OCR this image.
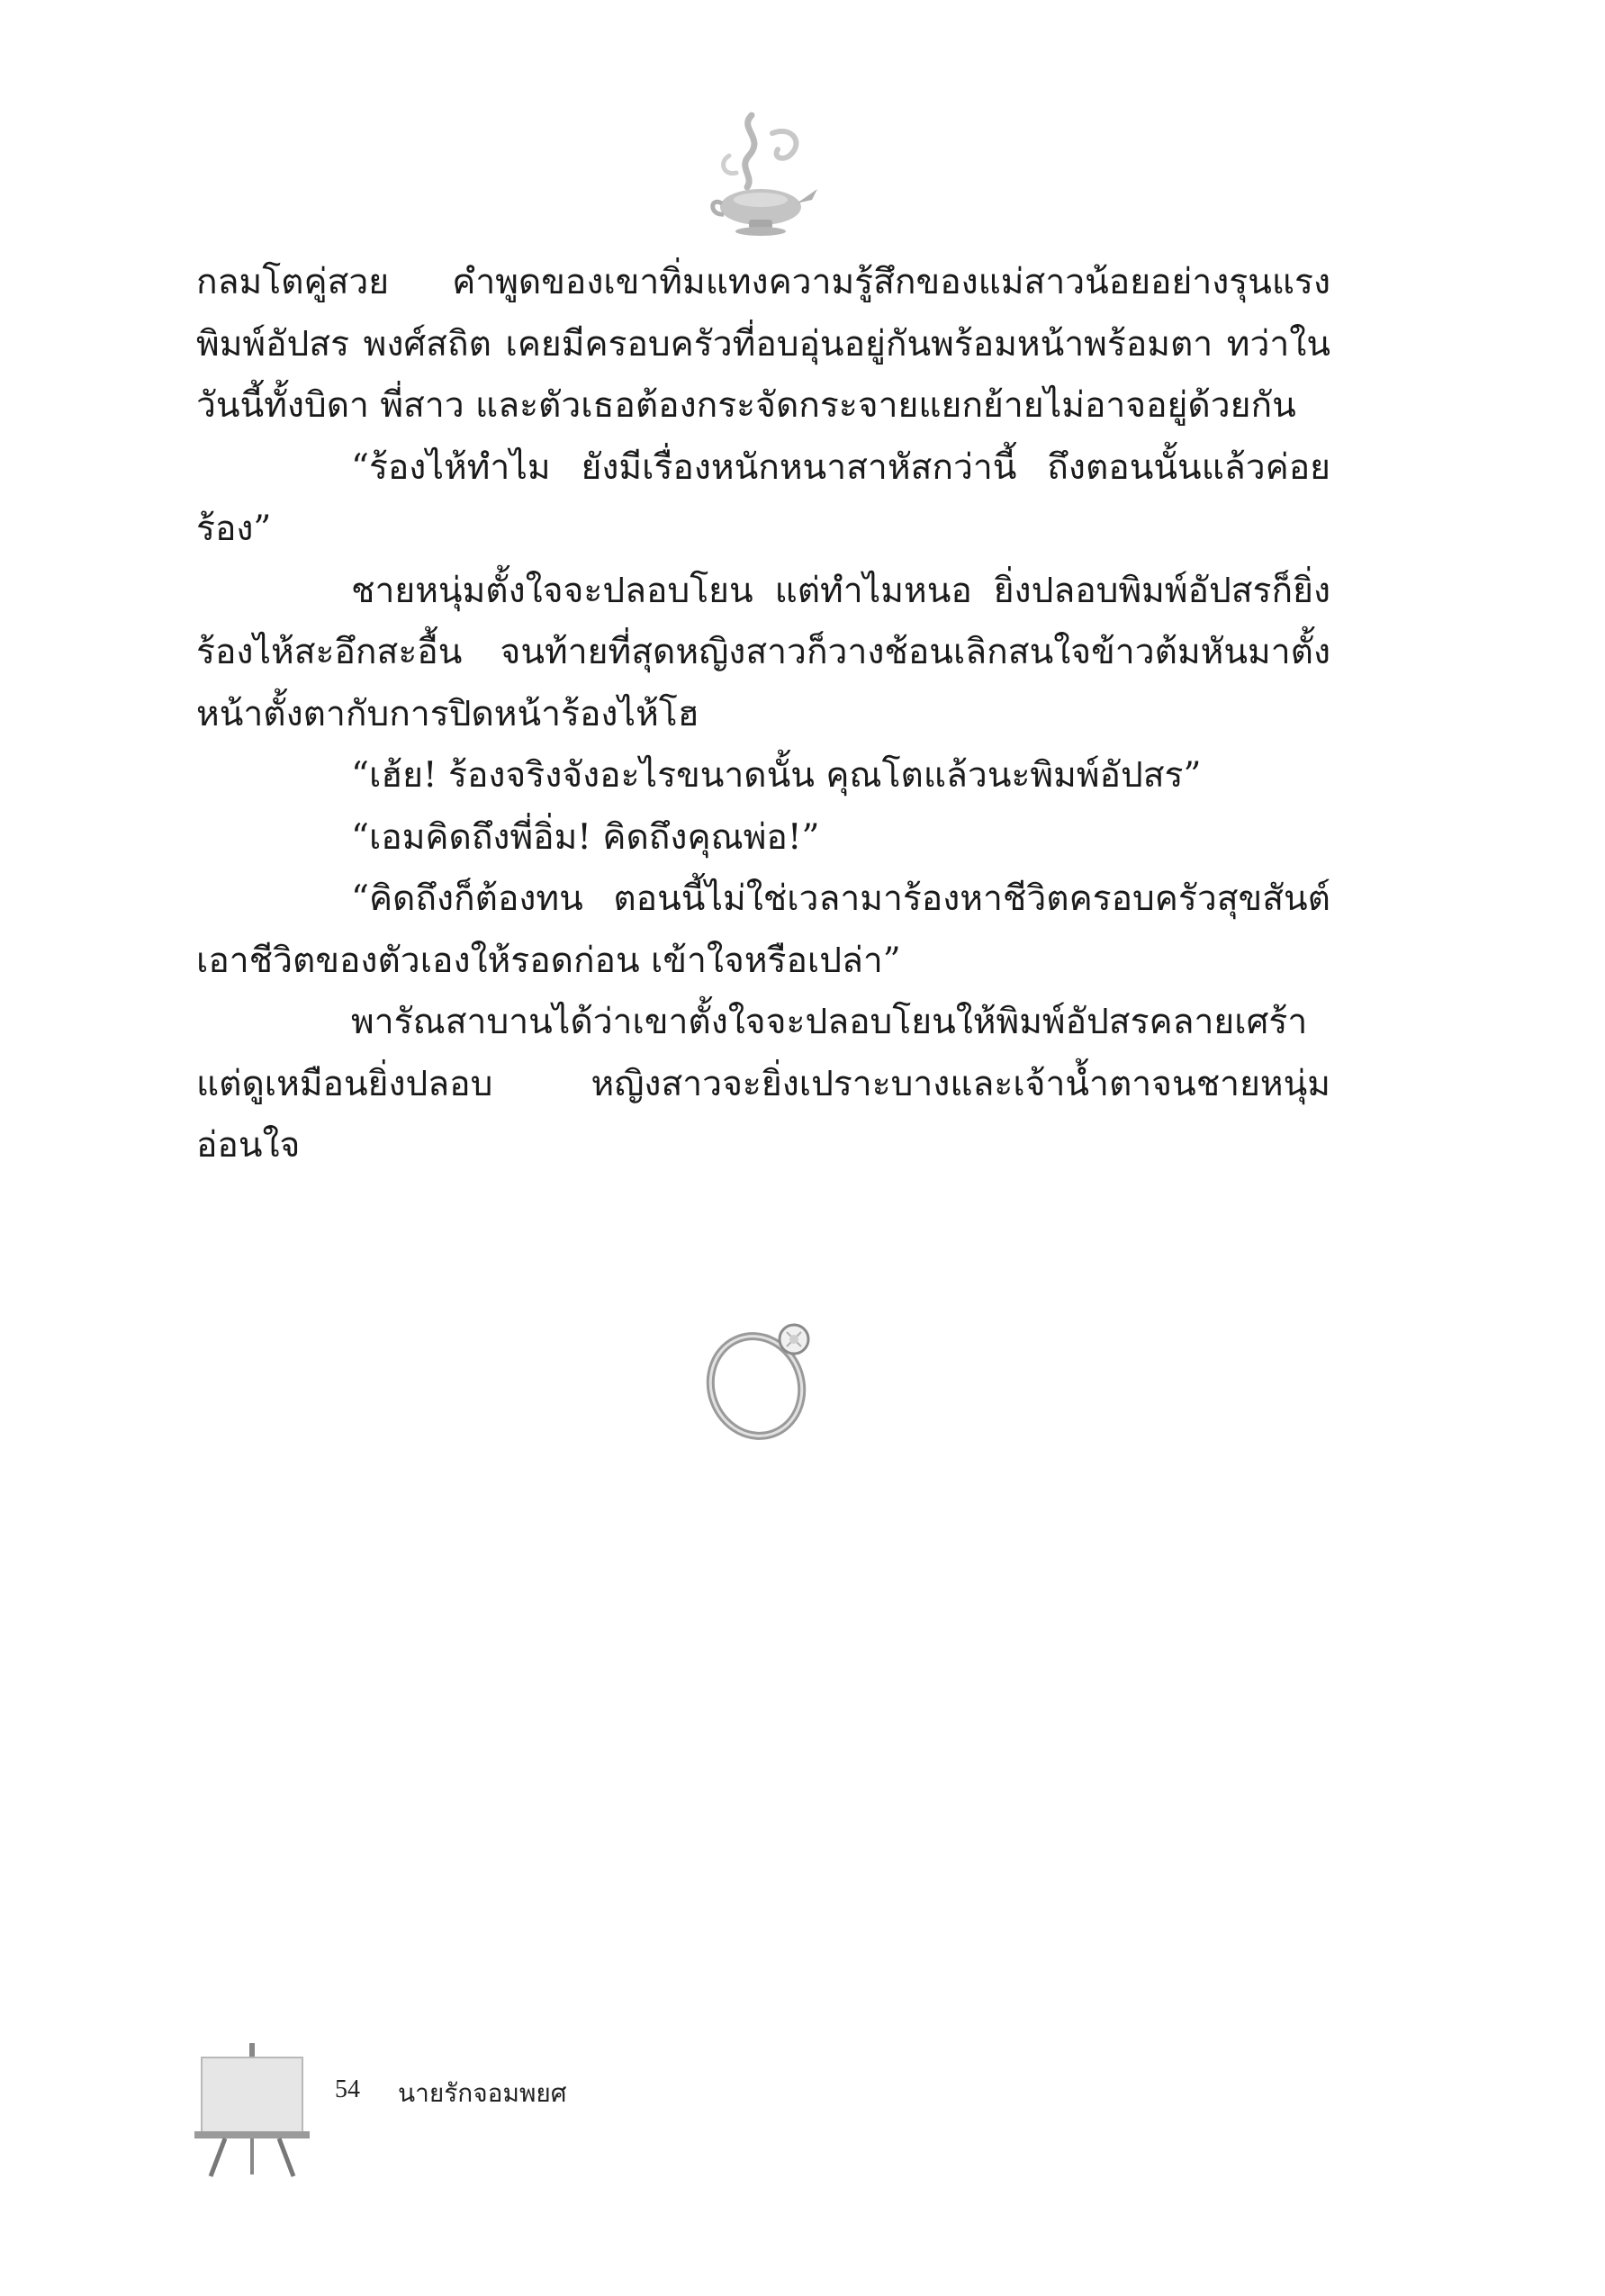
กลมโตคู่สวย คำพูดของเขาทิ่มแทงความรู้สึกของแม่สาวน้อยอย่างรุนแรง พิมพ์อัปสร พงศ์สถิต เคยมีครอบครัวที่อบอุ่นอยู่กันพร้อมหน้าพร้อมตา ทว่าในวันนี้ทั้งบิดา พี่สาว และตัวเธอต้องกระจัดกระจายแยกย้ายไม่อาจอยู่ด้วยกัน

“ร้องไห้ทำไม ยังมีเรื่องหนักหนาสาหัสกว่านี้ ถึงตอนนั้นแล้วค่อยร้อง”

ชายหนุ่มตั้งใจจะปลอบโยน แต่ทำไมหนอ ยิ่งปลอบพิมพ์อัปสรก็ยิ่งร้องไห้สะอึกสะอื้น จนท้ายที่สุดหญิงสาวก็วางช้อนเลิกสนใจข้าวต้มหันมาตั้งหน้าตั้งตากับการปิดหน้าร้องไห้โฮ

“เฮ้ย! ร้องจริงจังอะไรขนาดนั้น คุณโตแล้วนะพิมพ์อัปสร”

“เอมคิดถึงพี่อิ่ม! คิดถึงคุณพ่อ!”

“คิดถึงก็ต้องทน ตอนนี้ไม่ใช่เวลามาร้องหาชีวิตครอบครัวสุขสันต์ เอาชีวิตของตัวเองให้รอดก่อน เข้าใจหรือเปล่า”

พารัณสาบานได้ว่าเขาตั้งใจจะปลอบโยนให้พิมพ์อัปสรคลายเศร้า แต่ดูเหมือนยิ่งปลอบ หญิงสาวจะยิ่งเปราะบางและเจ้าน้ำตาจนชายหนุ่มอ่อนใจ

54 นายรักจอมพยศ
